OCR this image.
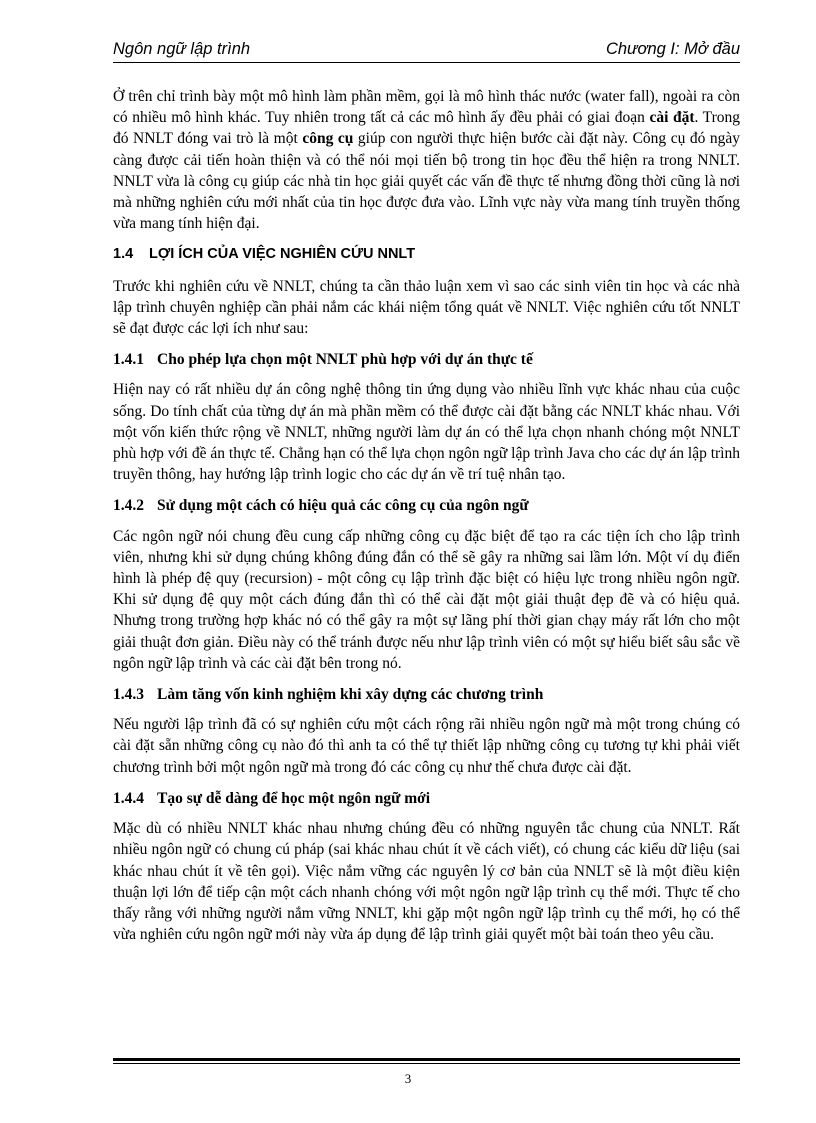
Ngôn ngữ lập trình	Chương I: Mở đầu

Ở trên chỉ trình bày một mô hình làm phần mềm, gọi là mô hình thác nước (water fall), ngoài ra còn có nhiều mô hình khác. Tuy nhiên trong tất cả các mô hình ấy đều phải có giai đoạn cài đặt. Trong đó NNLT đóng vai trò là một công cụ giúp con người thực hiện bước cài đặt này. Công cụ đó ngày càng được cải tiến hoàn thiện và có thể nói mọi tiến bộ trong tin học đều thể hiện ra trong NNLT. NNLT vừa là công cụ giúp các nhà tin học giải quyết các vấn đề thực tế nhưng đồng thời cũng là nơi mà những nghiên cứu mới nhất của tin học được đưa vào. Lĩnh vực này vừa mang tính truyền thống vừa mang tính hiện đại.

1.4 LỢI ÍCH CỦA VIỆC NGHIÊN CỨU NNLT

Trước khi nghiên cứu về NNLT, chúng ta cần thảo luận xem vì sao các sinh viên tin học và các nhà lập trình chuyên nghiệp cần phải nắm các khái niệm tổng quát về NNLT. Việc nghiên cứu tốt NNLT sẽ đạt được các lợi ích như sau:

1.4.1 Cho phép lựa chọn một NNLT phù hợp với dự án thực tế

Hiện nay có rất nhiều dự án công nghệ thông tin ứng dụng vào nhiều lĩnh vực khác nhau của cuộc sống. Do tính chất của từng dự án mà phần mềm có thể được cài đặt bằng các NNLT khác nhau. Với một vốn kiến thức rộng về NNLT, những người làm dự án có thể lựa chọn nhanh chóng một NNLT phù hợp với đề án thực tế. Chẳng hạn có thể lựa chọn ngôn ngữ lập trình Java cho các dự án lập trình truyền thông, hay hướng lập trình logic cho các dự án về trí tuệ nhân tạo.

1.4.2 Sử dụng một cách có hiệu quả các công cụ của ngôn ngữ

Các ngôn ngữ nói chung đều cung cấp những công cụ đặc biệt để tạo ra các tiện ích cho lập trình viên, nhưng khi sử dụng chúng không đúng đắn có thể sẽ gây ra những sai lầm lớn. Một ví dụ điển hình là phép đệ quy (recursion) - một công cụ lập trình đặc biệt có hiệu lực trong nhiều ngôn ngữ. Khi sử dụng đệ quy một cách đúng đắn thì có thể cài đặt một giải thuật đẹp đẽ và có hiệu quả. Nhưng trong trường hợp khác nó có thể gây ra một sự lãng phí thời gian chạy máy rất lớn cho một giải thuật đơn giản. Điều này có thể tránh được nếu như lập trình viên có một sự hiểu biết sâu sắc về ngôn ngữ lập trình và các cài đặt bên trong nó.

1.4.3 Làm tăng vốn kinh nghiệm khi xây dựng các chương trình

Nếu người lập trình đã có sự nghiên cứu một cách rộng rãi nhiều ngôn ngữ mà một trong chúng có cài đặt sẵn những công cụ nào đó thì anh ta có thể tự thiết lập những công cụ tương tự khi phải viết chương trình bởi một ngôn ngữ mà trong đó các công cụ như thế chưa được cài đặt.

1.4.4 Tạo sự dễ dàng để học một ngôn ngữ mới

Mặc dù có nhiều NNLT khác nhau nhưng chúng đều có những nguyên tắc chung của NNLT. Rất nhiều ngôn ngữ có chung cú pháp (sai khác nhau chút ít về cách viết), có chung các kiểu dữ liệu (sai khác nhau chút ít về tên gọi). Việc nắm vững các nguyên lý cơ bản của NNLT sẽ là một điều kiện thuận lợi lớn để tiếp cận một cách nhanh chóng với một ngôn ngữ lập trình cụ thể mới. Thực tế cho thấy rằng với những người nắm vững NNLT, khi gặp một ngôn ngữ lập trình cụ thể mới, họ có thể vừa nghiên cứu ngôn ngữ mới này vừa áp dụng để lập trình giải quyết một bài toán theo yêu cầu.

3
